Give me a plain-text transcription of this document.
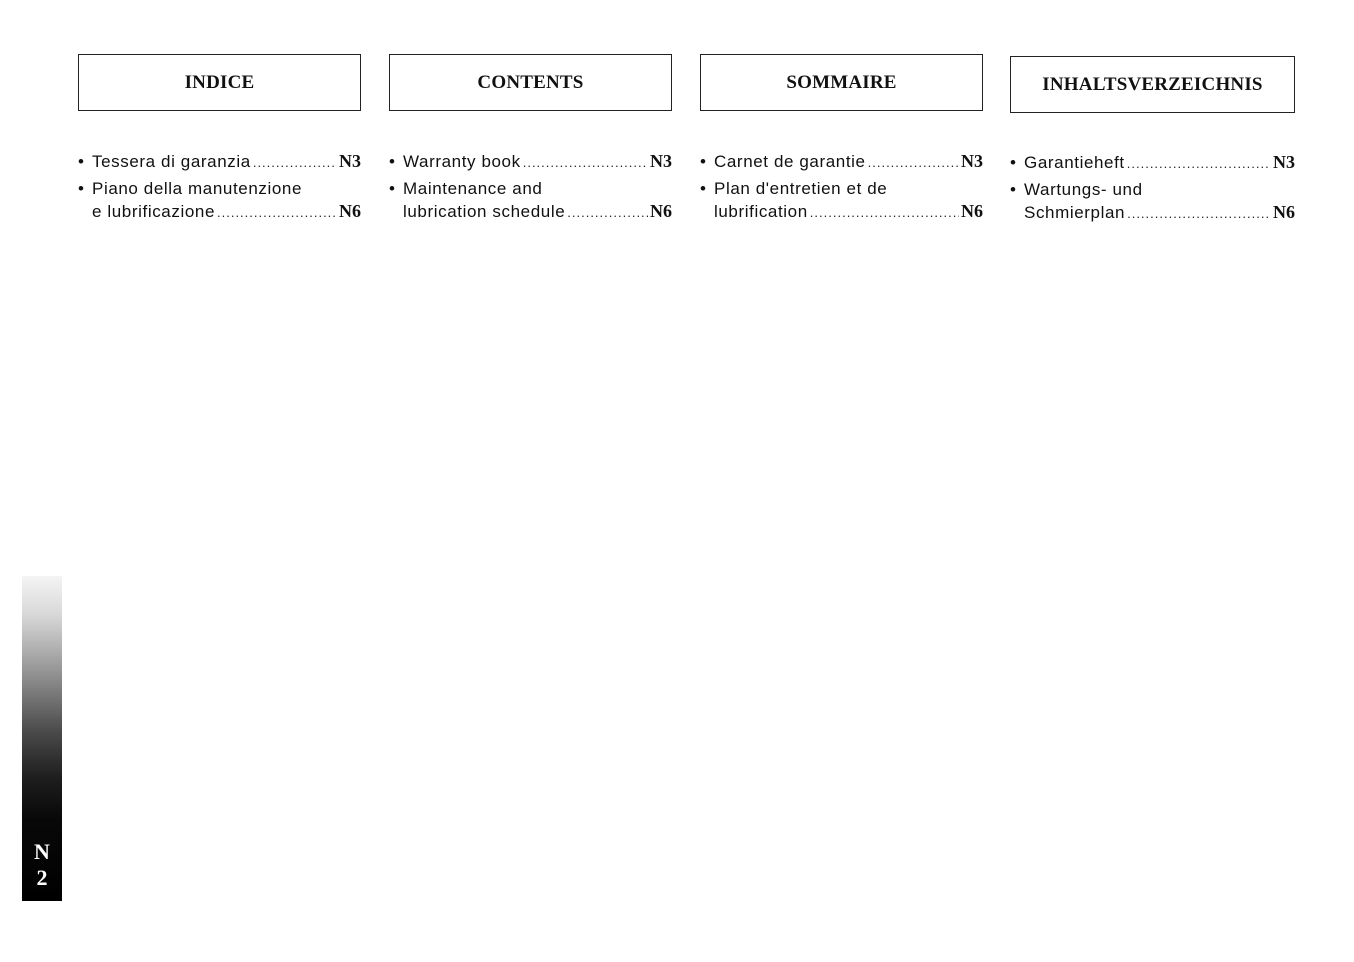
INDICE
• Tessera di garanzia .....	N3
• Piano della manutenzione
e lubrificazione .....	N6
CONTENTS
• Warranty book .....	N3
• Maintenance and
lubrication schedule .....	N6
SOMMAIRE
• Carnet de garantie .....	N3
• Plan d'entretien et de
lubrification .....	N6
INHALTSVERZEICHNIS
• Garantieheft .....	N3
• Wartungs- und
Schmierplan .....	N6
N
2
